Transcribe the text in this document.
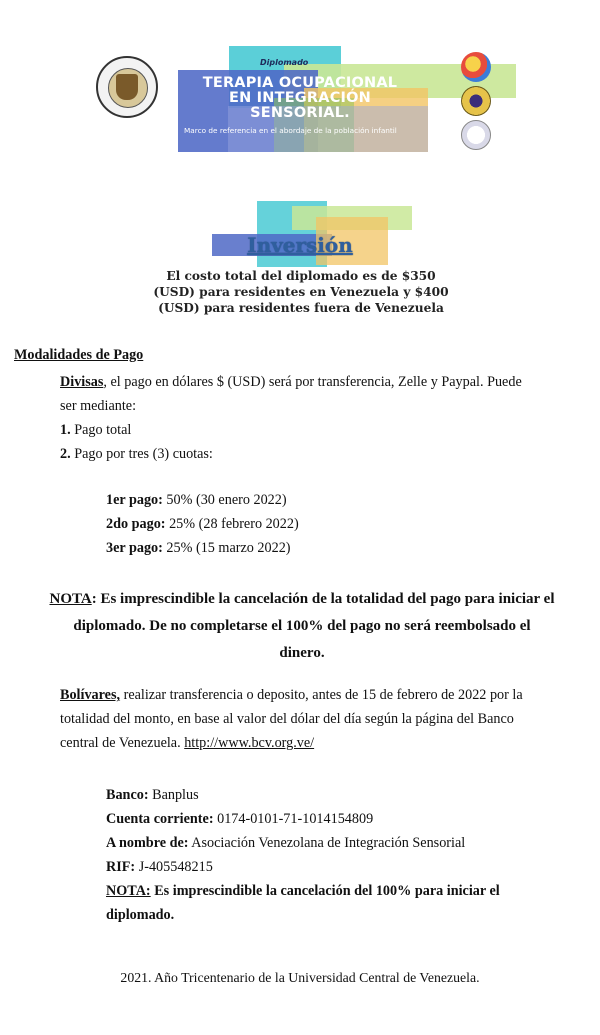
Diplomado
TERAPIA OCUPACIONAL
EN INTEGRACIÓN
SENSORIAL.
Marco de referencia en el abordaje de la población infantil
Inversión
El costo total del diplomado es de $350
(USD) para residentes en Venezuela y $400
(USD) para residentes fuera de Venezuela
Modalidades de Pago
Divisas, el pago en dólares $ (USD) será por transferencia, Zelle y Paypal. Puede
ser mediante:
1. Pago total
2. Pago por tres (3) cuotas:
1er pago: 50% (30 enero 2022)
2do pago: 25% (28 febrero 2022)
3er pago: 25% (15 marzo 2022)
NOTA: Es imprescindible la cancelación de la totalidad del pago para iniciar el
diplomado. De no completarse el 100% del pago no será reembolsado el
dinero.
Bolívares, realizar transferencia o deposito, antes de 15 de febrero de 2022 por la
totalidad del monto, en base al valor del dólar del día según la página del Banco
central de Venezuela. http://www.bcv.org.ve/
Banco: Banplus
Cuenta corriente: 0174-0101-71-1014154809
A nombre de: Asociación Venezolana de Integración Sensorial
RIF: J-405548215
NOTA: Es imprescindible la cancelación del 100% para iniciar el
diplomado.
2021. Año Tricentenario de la Universidad Central de Venezuela.
